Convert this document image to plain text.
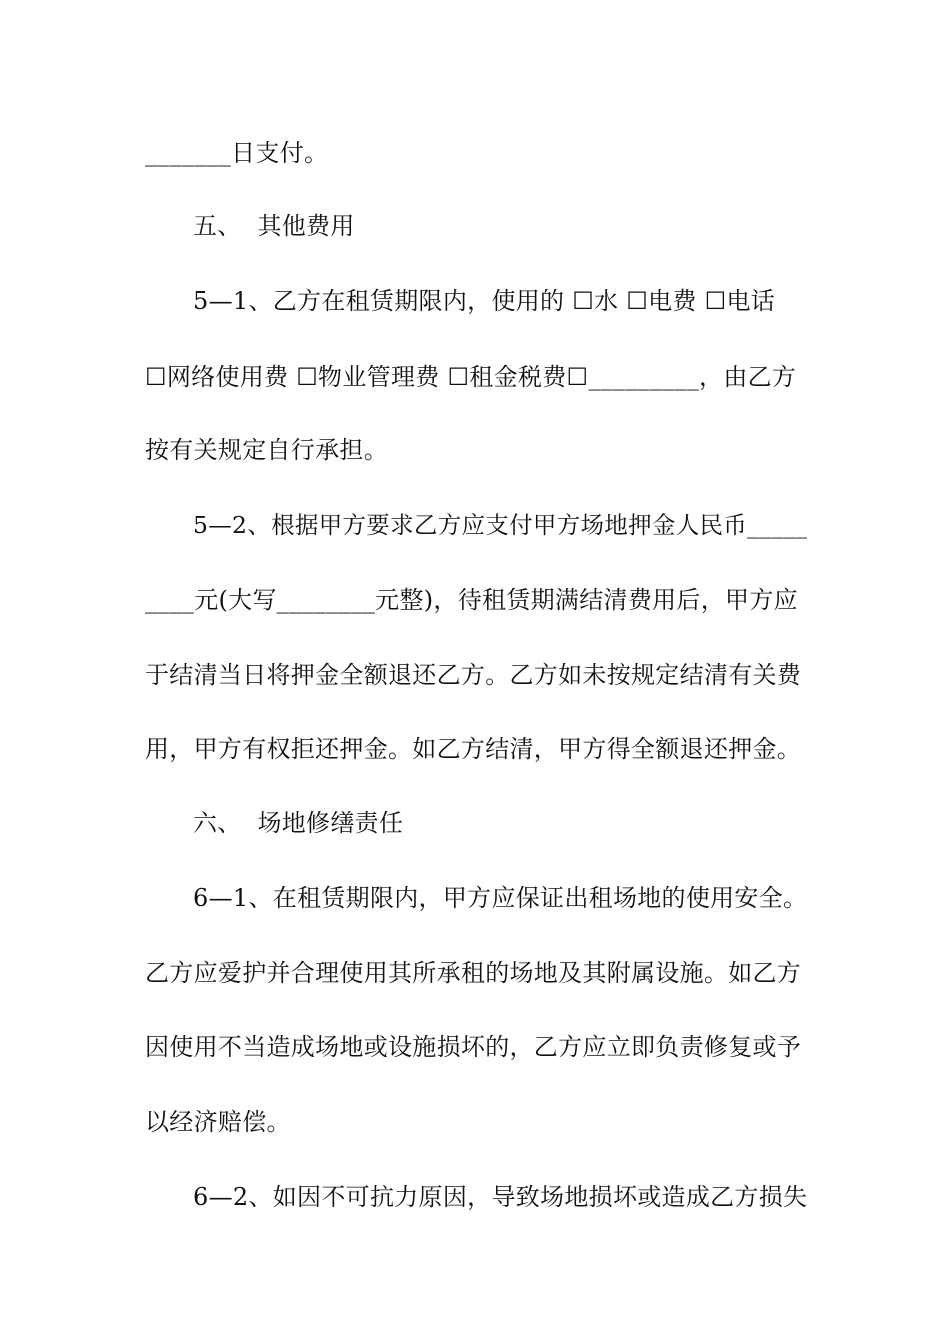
_______日支付。
五、  其他费用
5—1、乙方在租赁期限内，使用的 ☐水 ☐电费 ☐电话
☐网络使用费 ☐物业管理费 ☐租金税费☐_________，由乙方
按有关规定自行承担。
5—2、根据甲方要求乙方应支付甲方场地押金人民币_____
____元(大写________元整)，待租赁期满结清费用后，甲方应
于结清当日将押金全额退还乙方。乙方如未按规定结清有关费
用，甲方有权拒还押金。如乙方结清，甲方得全额退还押金。
六、  场地修缮责任
6—1、在租赁期限内，甲方应保证出租场地的使用安全。
乙方应爱护并合理使用其所承租的场地及其附属设施。如乙方
因使用不当造成场地或设施损坏的，乙方应立即负责修复或予
以经济赔偿。
6—2、如因不可抗力原因，导致场地损坏或造成乙方损失
